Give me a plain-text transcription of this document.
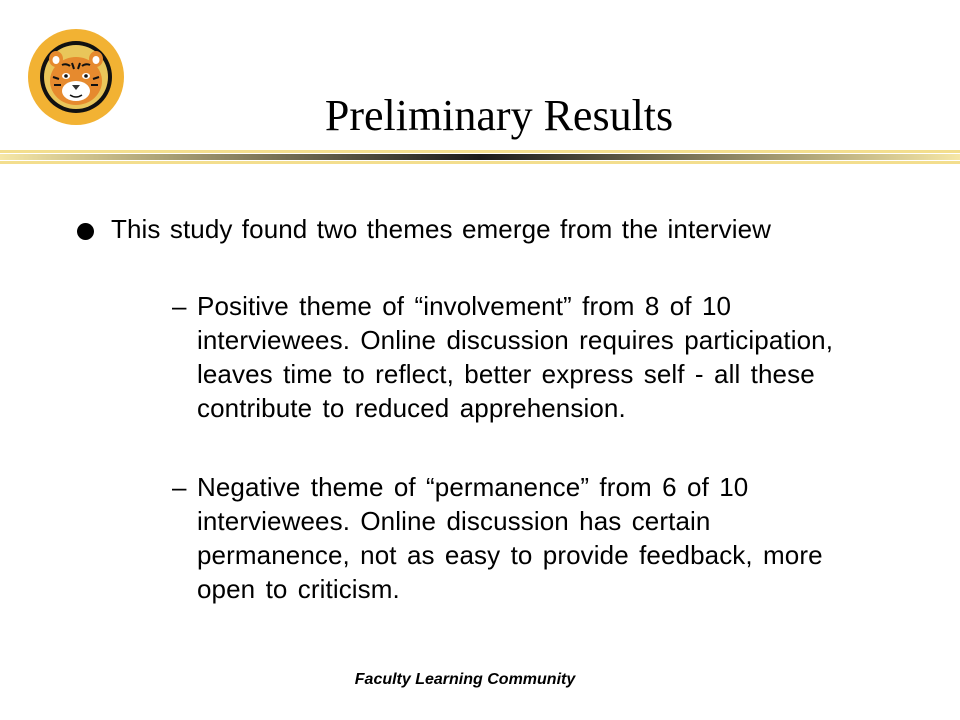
Preliminary Results
This study found two themes emerge from the interview
– Positive theme of “involvement” from 8 of 10 interviewees. Online discussion requires participation, leaves time to reflect, better express self - all these contribute to reduced apprehension.
– Negative theme of “permanence” from 6 of 10 interviewees. Online discussion has certain permanence, not as easy to provide feedback, more open to criticism.
Faculty Learning Community
